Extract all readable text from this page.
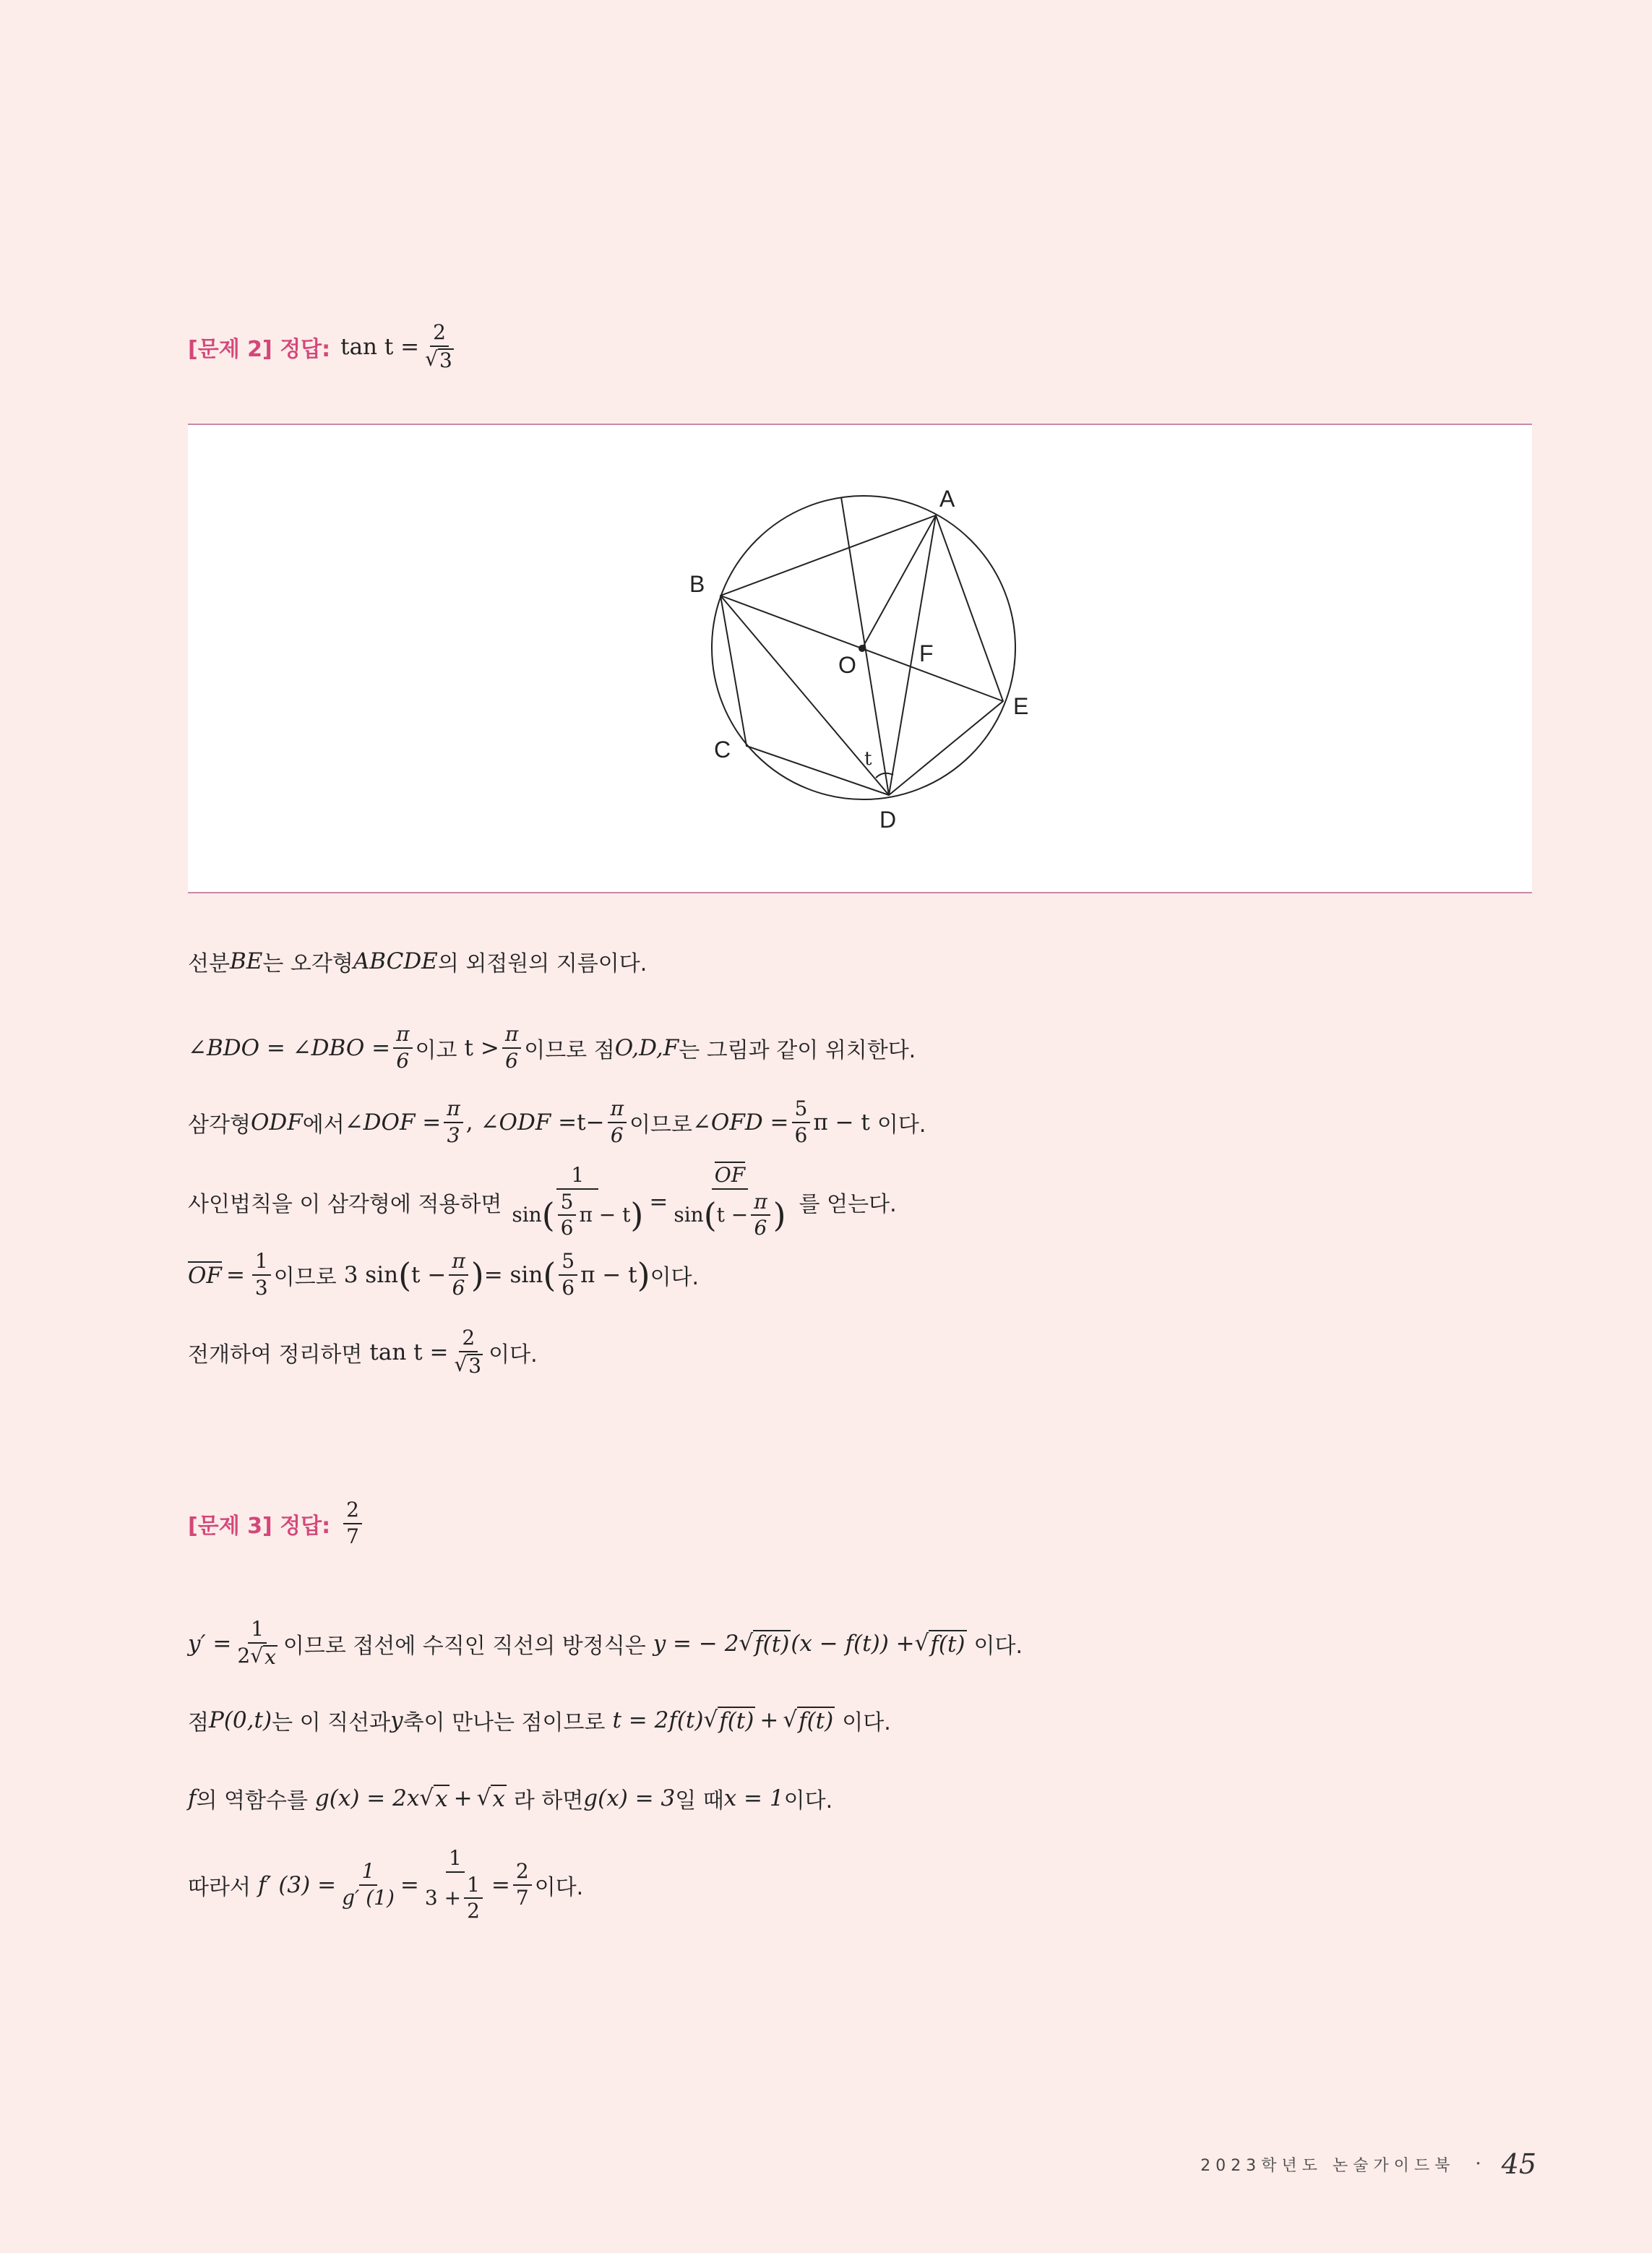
[문제 2] 정답: $\tan t = \frac{2}{√ 3}$
A
B
C
D
E
O	F
t
선분 BE 는 오각형 ABCDE 의 외접원의 지름이다.
∠BDO = ∠DBO = $\frac{\pi}{6}$ 이고 $t > \frac{\pi}{6}$ 이므로 점 O,D,F 는 그림과 같이 위치한다.
삼각형 ODF 에서 ∠DOF = $\frac{\pi}{3}$ , ∠ODF = $t- \frac{\pi}{6}$ 이므로 ∠OFD = $\frac{5}{6}$ π − t 이다.
사인법칙을 이 삼각형에 적용하면 $\frac{1}{\sin ( \frac{5}{6} \pi - t )} = \frac{OF}{\sin ( t - \frac{\pi}{6} )}$ 를 얻는다.
OF = $\frac{1}{3}$ 이므로 3 sin ( $t - \frac{\pi}{6}$ ) = sin ( $\frac{5}{6}$ π − t ) 이다.
전개하여 정리하면 $\tan t = \frac{2}{√ 3}$ 이다.
[문제 3] 정답: $\frac{2}{7}$
$y' = \frac{1}{2 √ x}$ 이므로 접선에 수직인 직선의 방정식은 y = − 2 √ f(t) (x − f(t)) + √ f(t) 이다.
점 P(0,t) 는 이 직선과 y 축이 만나는 점이므로 t = 2f(t) √ f(t) + √ f(t) 이다.
f 의 역함수를 g(x) = 2x √ x + √ x 라 하면 g(x) = 3 일 때 x = 1 이다.
따라서 f′ $(3) = \frac{1}{g' (1)} = \frac{1}{3 + \frac{1}{2}} = \frac{2}{7}$ 이다.
2023학년도 논술가이드북 · 45
